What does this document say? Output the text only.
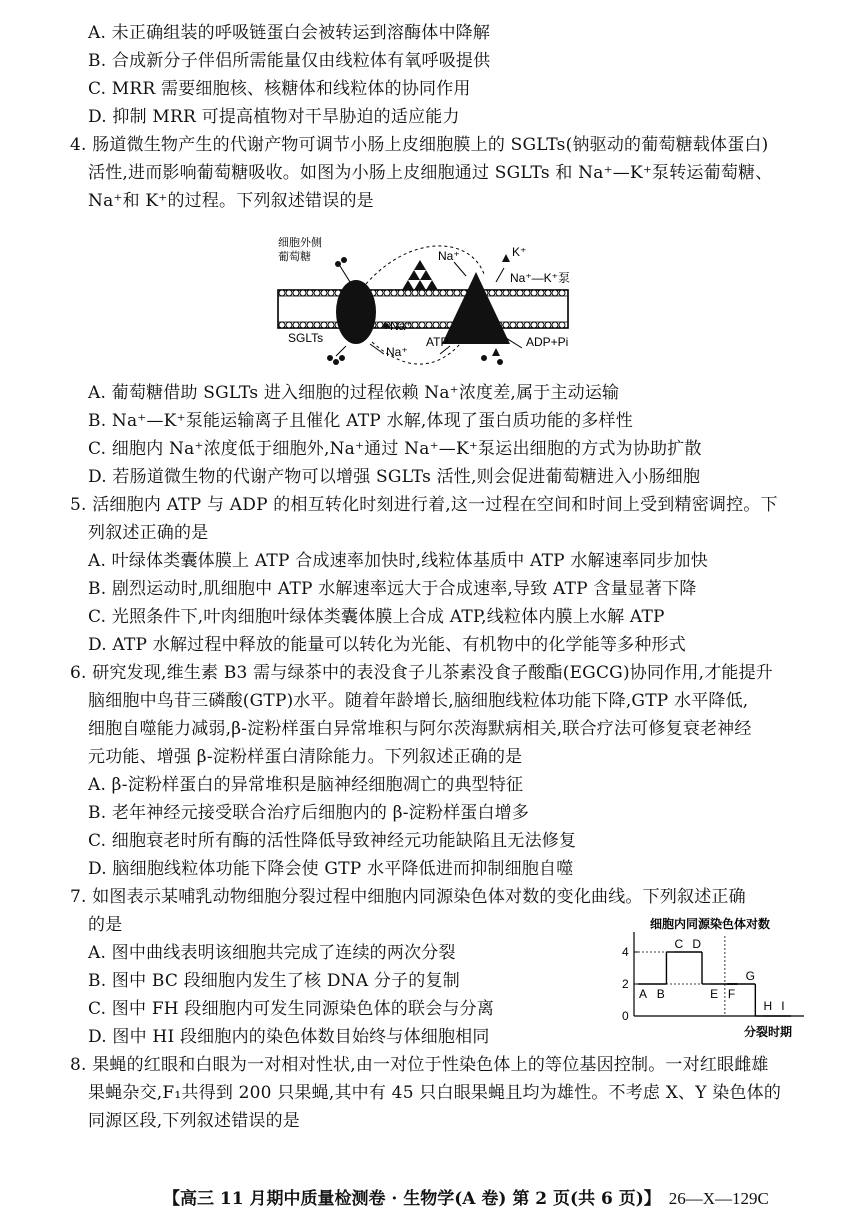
A. 未正确组装的呼吸链蛋白会被转运到溶酶体中降解
B. 合成新分子伴侣所需能量仅由线粒体有氧呼吸提供
C. MRR 需要细胞核、核糖体和线粒体的协同作用
D. 抑制 MRR 可提高植物对干旱胁迫的适应能力
4. 肠道微生物产生的代谢产物可调节小肠上皮细胞膜上的 SGLTs(钠驱动的葡萄糖载体蛋白)
活性,进而影响葡萄糖吸收。如图为小肠上皮细胞通过 SGLTs 和 Na⁺—K⁺泵转运葡萄糖、
Na⁺和 K⁺的过程。下列叙述错误的是
细胞外侧
葡萄糖	Na⁺	K⁺
Na⁺—K⁺泵
SGLTs
Na⁺
Na⁺
ATP	ADP+Pi
A. 葡萄糖借助 SGLTs 进入细胞的过程依赖 Na⁺浓度差,属于主动运输
B. Na⁺—K⁺泵能运输离子且催化 ATP 水解,体现了蛋白质功能的多样性
C. 细胞内 Na⁺浓度低于细胞外,Na⁺通过 Na⁺—K⁺泵运出细胞的方式为协助扩散
D. 若肠道微生物的代谢产物可以增强 SGLTs 活性,则会促进葡萄糖进入小肠细胞
5. 活细胞内 ATP 与 ADP 的相互转化时刻进行着,这一过程在空间和时间上受到精密调控。下
列叙述正确的是
A. 叶绿体类囊体膜上 ATP 合成速率加快时,线粒体基质中 ATP 水解速率同步加快
B. 剧烈运动时,肌细胞中 ATP 水解速率远大于合成速率,导致 ATP 含量显著下降
C. 光照条件下,叶肉细胞叶绿体类囊体膜上合成 ATP,线粒体内膜上水解 ATP
D. ATP 水解过程中释放的能量可以转化为光能、有机物中的化学能等多种形式
6. 研究发现,维生素 B3 需与绿茶中的表没食子儿茶素没食子酸酯(EGCG)协同作用,才能提升
脑细胞中鸟苷三磷酸(GTP)水平。随着年龄增长,脑细胞线粒体功能下降,GTP 水平降低,
细胞自噬能力减弱,β-淀粉样蛋白异常堆积与阿尔茨海默病相关,联合疗法可修复衰老神经
元功能、增强 β-淀粉样蛋白清除能力。下列叙述正确的是
A. β-淀粉样蛋白的异常堆积是脑神经细胞凋亡的典型特征
B. 老年神经元接受联合治疗后细胞内的 β-淀粉样蛋白增多
C. 细胞衰老时所有酶的活性降低导致神经元功能缺陷且无法修复
D. 脑细胞线粒体功能下降会使 GTP 水平降低进而抑制细胞自噬
7. 如图表示某哺乳动物细胞分裂过程中细胞内同源染色体对数的变化曲线。下列叙述正确
的是
A. 图中曲线表明该细胞共完成了连续的两次分裂
B. 图中 BC 段细胞内发生了核 DNA 分子的复制
C. 图中 FH 段细胞内可发生同源染色体的联会与分离
D. 图中 HI 段细胞内的染色体数目始终与体细胞相同
细胞内同源染色体对数
分裂时期
0
2
4
A B
C D
E F
G
H I
8. 果蝇的红眼和白眼为一对相对性状,由一对位于性染色体上的等位基因控制。一对红眼雌雄
果蝇杂交,F₁共得到 200 只果蝇,其中有 45 只白眼果蝇且均为雄性。不考虑 X、Y 染色体的
同源区段,下列叙述错误的是
【高三 11 月期中质量检测卷 · 生物学(A 卷) 第 2 页(共 6 页)】 26—X—129C
